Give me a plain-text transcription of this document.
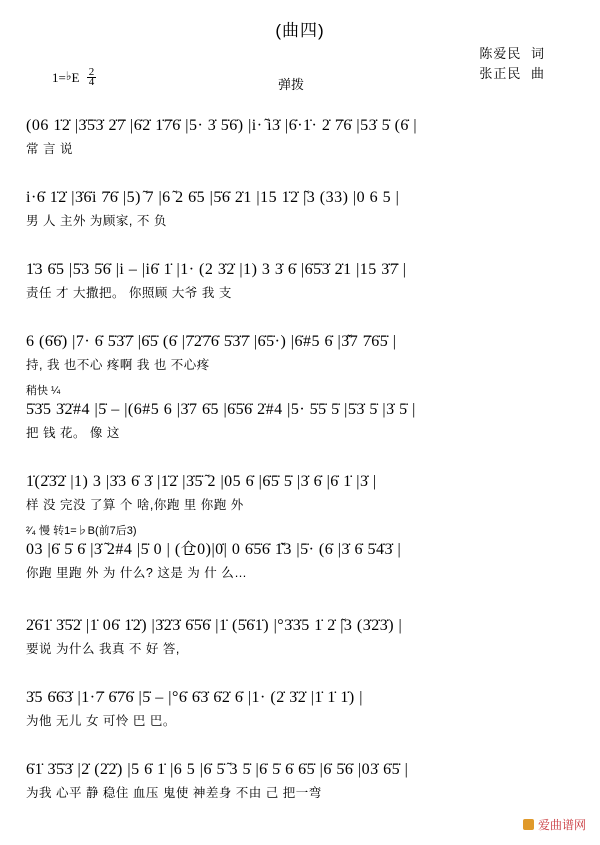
(曲四)
陈爱民 词
张正民 曲
1=♭E $\frac{2}{4}$	弹拨
(06 1̇2̇ |3̇5̇3̇ 2̇7̇ |6̇2̇ 1̇7̇6̇ |5· 3̇ 5̇6̇) |i· ᷉i3̇ |6̇·1̇· 2̇ 7̇6̇ |53̇ 5̇ (6̇ |
常 言 说
i·6̇ 1̇2̇ |3̇6̇i 7̇6̇ |5) ᷉7 |6 ᷉2 6̇5 |5̇6̇ 2̇1 |15 1̇2̇ |᷉3 (33) |0 6 5 |
男 人 主外 为顾家, 不 负
1̇3 6̇5 |5̇3 5̇6̇ |i – |i6̇ 1̇ |1· (2 3̇2̇ |1) 3 3̇ 6̇ |6̇5̇3̇ 2̇1 |15 3̇7̇ |
责任 才 大撒把。 你照顾 大爷 我 支
6 (6̇6̇) |7· 6̇ 5̇3̇7̇ |6̇5̇ (6̇ |7̇2̇7̇6̇ 5̇3̇7̇ |6̇5̇·) |6̇#5 6̇ |3̇᷉7 7̇6̇5̇ |
持, 我 也不心 疼啊 我 也 不心疼
稍快 ¼
5̇3̇5 3̇2̇#4 |5̇ – |(6#5 6 |3̇7 6̇5 |6̇5̇6̇ 2̇#4 |5· 5̇5̇ 5̇ |5̇3̇ 5̇ |3̇ 5̇ |
把 钱 花。 像 这
1̇(2̇3̇2̇ |1) 3 |3̇3 6̇ 3̇ |1̇2̇ |3̇5̇ ᷉2 |05 6̇ |6̇5̇ 5̇ |3̇ 6̇ |6̇ 1̇ |3̇ |
样 没 完没 了算 个 啥,你跑 里 你跑 外
²⁄₄ 慢 转1=♭B(前7后3)
03 |6̇ 5̇ 6̇ |3̇ ᷉2#4 |5̇ 0 | (仓0)|0̇| 0 6̇5̇6̇ 1̇᷉3 |5̇· (6̇ |3̇ 6̇ 5̇4̇3̇ |
你跑 里跑 外 为 什么? 这是 为 什 么…
2̇6̇1̇ 3̇5̇2̇ |1̇ 06̇ 1̇2̇) |3̇2̇3̇ 6̇5̇6̇ |1̇ (5̇6̇1̇) |°3̇3̇5 1̇ 2̇ |᷉3 (3̇2̇3̇) |
要说 为什么 我真 不 好 答,
3̇5 6̇6̇3̇ |1·7̇ 6̇7̇6̇ |5̇ – |°6̇ 6̇3̇ 6̇2̇ 6̇ |1· (2̇ 3̇2̇ |1̇ 1̇ 1̇) |
为他 无儿 女 可怜 巴 巴。
6̇1̇ 3̇5̇3̇ |2̇ (2̇2̇) |5 6̇ 1̇ |6 5 |6̇ 5̇ ᷉3 5̇ |6̇ 5̇ 6̇ 6̇5̇ |6̇ 5̇6̇ |03̇ 6̇5̇ |
为我 心平 静 稳住 血压 鬼使 神差身 不由 己 把一弯
爱曲谱网
